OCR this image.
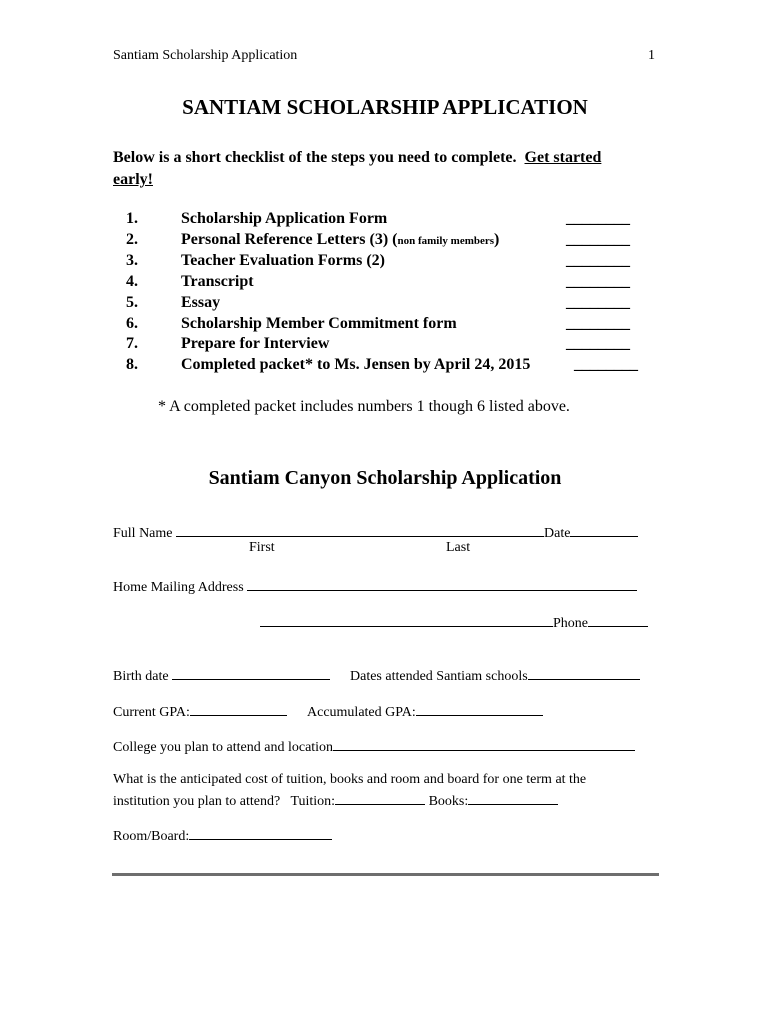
Santiam Scholarship Application	1
SANTIAM SCHOLARSHIP APPLICATION
Below is a short checklist of the steps you need to complete. Get started
early!
1.	Scholarship Application Form	________
2.	Personal Reference Letters (3) (non family members)	________
3.	Teacher Evaluation Forms (2)	________
4.	Transcript	________
5.	Essay	________
6.	Scholarship Member Commitment form	________
7.	Prepare for Interview	________
8.	Completed packet* to Ms. Jensen by April 24, 2015	________
* A completed packet includes numbers 1 though 6 listed above.
Santiam Canyon Scholarship Application
Full Name	Date
First	Last
Home Mailing Address
Phone
Birth date	Dates attended Santiam schools
Current GPA:	Accumulated GPA:
College you plan to attend and location
What is the anticipated cost of tuition, books and room and board for one term at the
institution you plan to attend? Tuition:	Books:
Room/Board:
